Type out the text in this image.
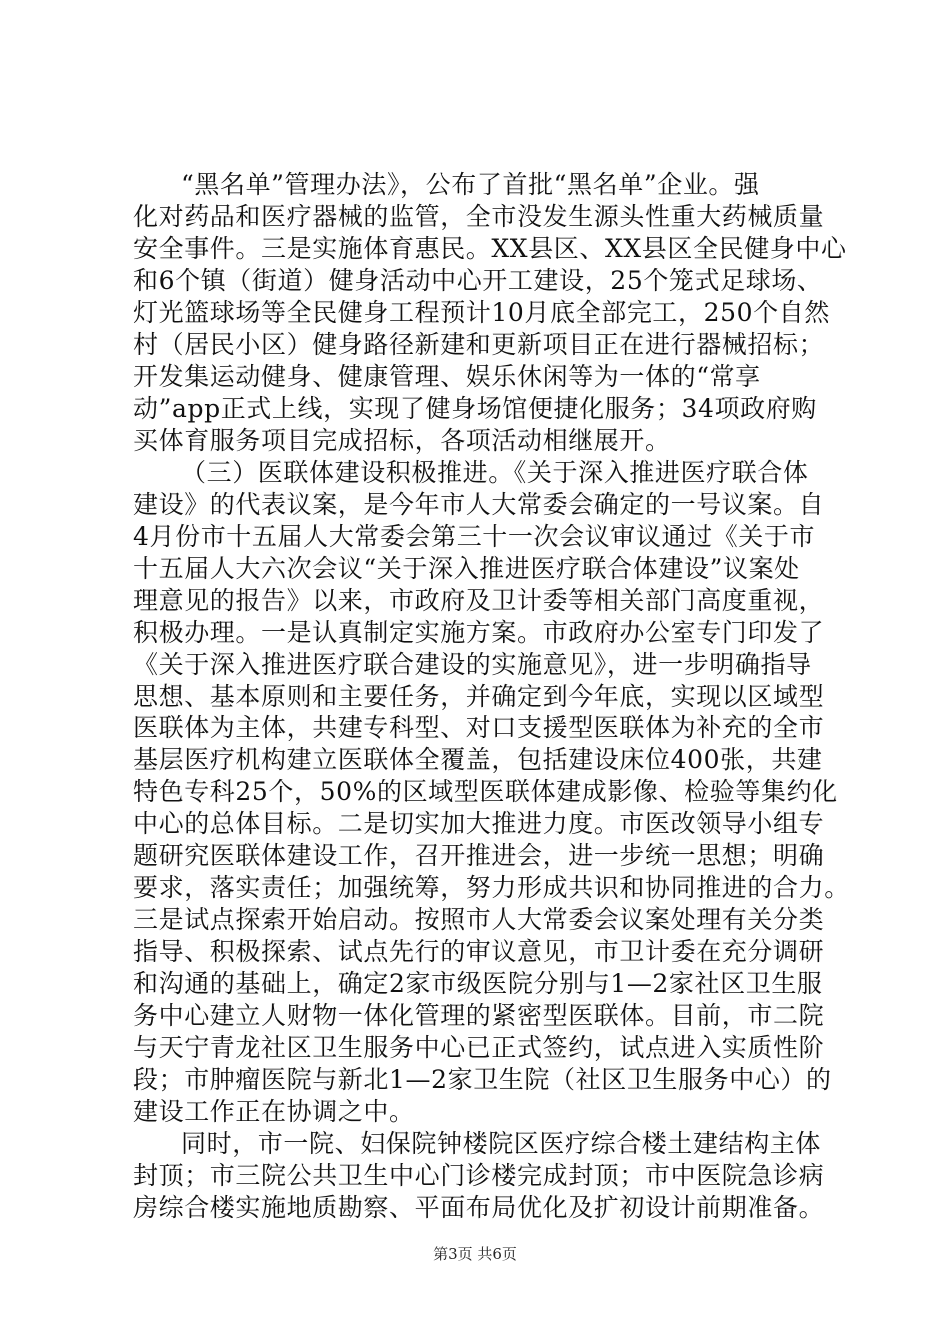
“黑名单”管理办法》，公布了首批“黑名单”企业。强
化对药品和医疗器械的监管，全市没发生源头性重大药械质量
安全事件。三是实施体育惠民。XX县区、XX县区全民健身中心
和6个镇（街道）健身活动中心开工建设，25个笼式足球场、
灯光篮球场等全民健身工程预计10月底全部完工，250个自然
村（居民小区）健身路径新建和更新项目正在进行器械招标；
开发集运动健身、健康管理、娱乐休闲等为一体的“常享
动”app正式上线，实现了健身场馆便捷化服务；34项政府购
买体育服务项目完成招标，各项活动相继展开。
（三）医联体建设积极推进。《关于深入推进医疗联合体
建设》的代表议案，是今年市人大常委会确定的一号议案。自
4月份市十五届人大常委会第三十一次会议审议通过《关于市
十五届人大六次会议“关于深入推进医疗联合体建设”议案处
理意见的报告》以来，市政府及卫计委等相关部门高度重视，
积极办理。一是认真制定实施方案。市政府办公室专门印发了
《关于深入推进医疗联合建设的实施意见》，进一步明确指导
思想、基本原则和主要任务，并确定到今年底，实现以区域型
医联体为主体，共建专科型、对口支援型医联体为补充的全市
基层医疗机构建立医联体全覆盖，包括建设床位400张，共建
特色专科25个，50%的区域型医联体建成影像、检验等集约化
中心的总体目标。二是切实加大推进力度。市医改领导小组专
题研究医联体建设工作，召开推进会，进一步统一思想；明确
要求，落实责任；加强统筹，努力形成共识和协同推进的合力。
三是试点探索开始启动。按照市人大常委会议案处理有关分类
指导、积极探索、试点先行的审议意见，市卫计委在充分调研
和沟通的基础上，确定2家市级医院分别与1—2家社区卫生服
务中心建立人财物一体化管理的紧密型医联体。目前，市二院
与天宁青龙社区卫生服务中心已正式签约，试点进入实质性阶
段；市肿瘤医院与新北1—2家卫生院（社区卫生服务中心）的
建设工作正在协调之中。
同时，市一院、妇保院钟楼院区医疗综合楼土建结构主体
封顶；市三院公共卫生中心门诊楼完成封顶；市中医院急诊病
房综合楼实施地质勘察、平面布局优化及扩初设计前期准备。
第3页 共6页
